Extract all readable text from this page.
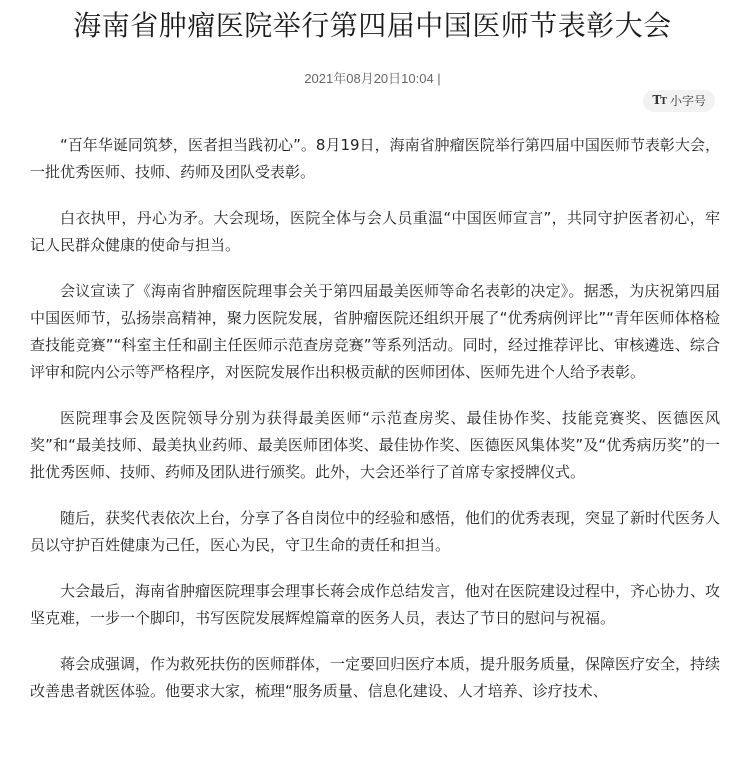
海南省肿瘤医院举行第四届中国医师节表彰大会
2021年08月20日10:04 |
TT 小字号

“百年华诞同筑梦，医者担当践初心”。8月19日，海南省肿瘤医院举行第四届中国医师节表彰大会，一批优秀医师、技师、药师及团队受表彰。

白衣执甲，丹心为矛。大会现场，医院全体与会人员重温“中国医师宣言”，共同守护医者初心，牢记人民群众健康的使命与担当。

会议宣读了《海南省肿瘤医院理事会关于第四届最美医师等命名表彰的决定》。据悉，为庆祝第四届中国医师节，弘扬崇高精神，聚力医院发展，省肿瘤医院还组织开展了“优秀病例评比”“青年医师体格检查技能竞赛”“科室主任和副主任医师示范查房竞赛”等系列活动。同时，经过推荐评比、审核遴选、综合评审和院内公示等严格程序，对医院发展作出积极贡献的医师团体、医师先进个人给予表彰。

医院理事会及医院领导分别为获得最美医师“示范查房奖、最佳协作奖、技能竞赛奖、医德医风奖”和“最美技师、最美执业药师、最美医师团体奖、最佳协作奖、医德医风集体奖”及“优秀病历奖”的一批优秀医师、技师、药师及团队进行颁奖。此外，大会还举行了首席专家授牌仪式。

随后，获奖代表依次上台，分享了各自岗位中的经验和感悟，他们的优秀表现，突显了新时代医务人员以守护百姓健康为己任，医心为民，守卫生命的责任和担当。

大会最后，海南省肿瘤医院理事会理事长蒋会成作总结发言，他对在医院建设过程中，齐心协力、攻坚克难，一步一个脚印，书写医院发展辉煌篇章的医务人员，表达了节日的慰问与祝福。

蒋会成强调，作为救死扶伤的医师群体，一定要回归医疗本质，提升服务质量，保障医疗安全，持续改善患者就医体验。他要求大家，梳理“服务质量、信息化建设、人才培养、诊疗技术、
